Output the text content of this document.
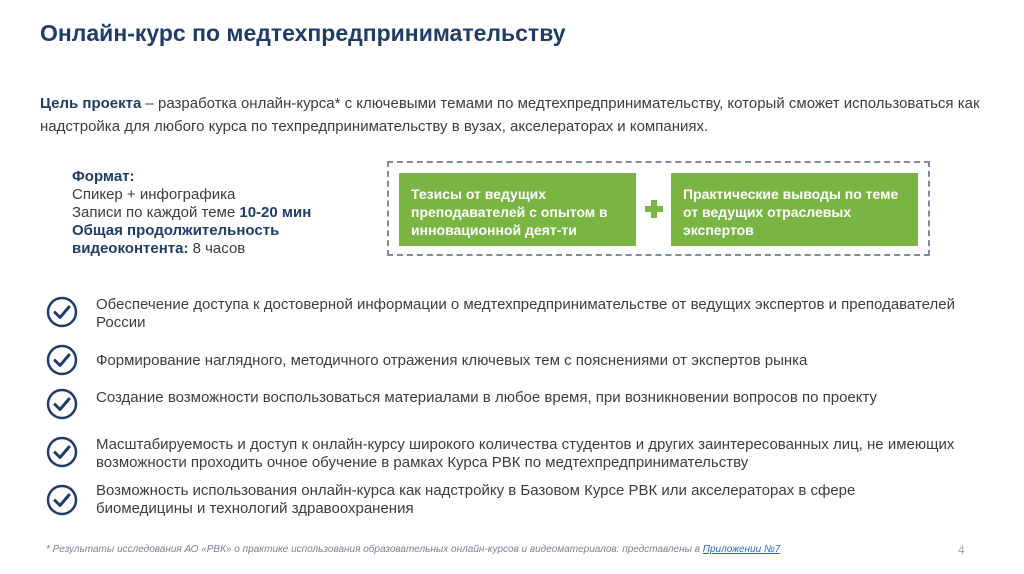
Онлайн-курс по медтехпредпринимательству
Цель проекта – разработка онлайн-курса* с ключевыми темами по медтехпредпринимательству, который сможет использоваться как надстройка для любого курса по техпредпринимательству в вузах, акселераторах и компаниях.
Формат:
Спикер + инфографика
Записи по каждой теме 10-20 мин
Общая продолжительность видеоконтента: 8 часов
Тезисы от ведущих преподавателей с опытом в инновационной деят-ти
Практические выводы по теме от ведущих отраслевых экспертов
Обеспечение доступа к достоверной информации о медтехпредпринимательстве от ведущих экспертов и преподавателей России
Формирование наглядного, методичного отражения ключевых тем с пояснениями от экспертов рынка
Создание возможности воспользоваться материалами в любое время, при возникновении вопросов по проекту
Масштабируемость и доступ к онлайн-курсу широкого количества студентов и других заинтересованных лиц, не имеющих возможности проходить очное обучение в рамках Курса РВК по медтехпредпринимательству
Возможность использования онлайн-курса как надстройку в Базовом Курсе РВК или акселераторах в сфере биомедицины и технологий здравоохранения
* Результаты исследования АО «РВК» о практике использования образовательных онлайн-курсов и видеоматериалов: представлены в Приложении №7	4
